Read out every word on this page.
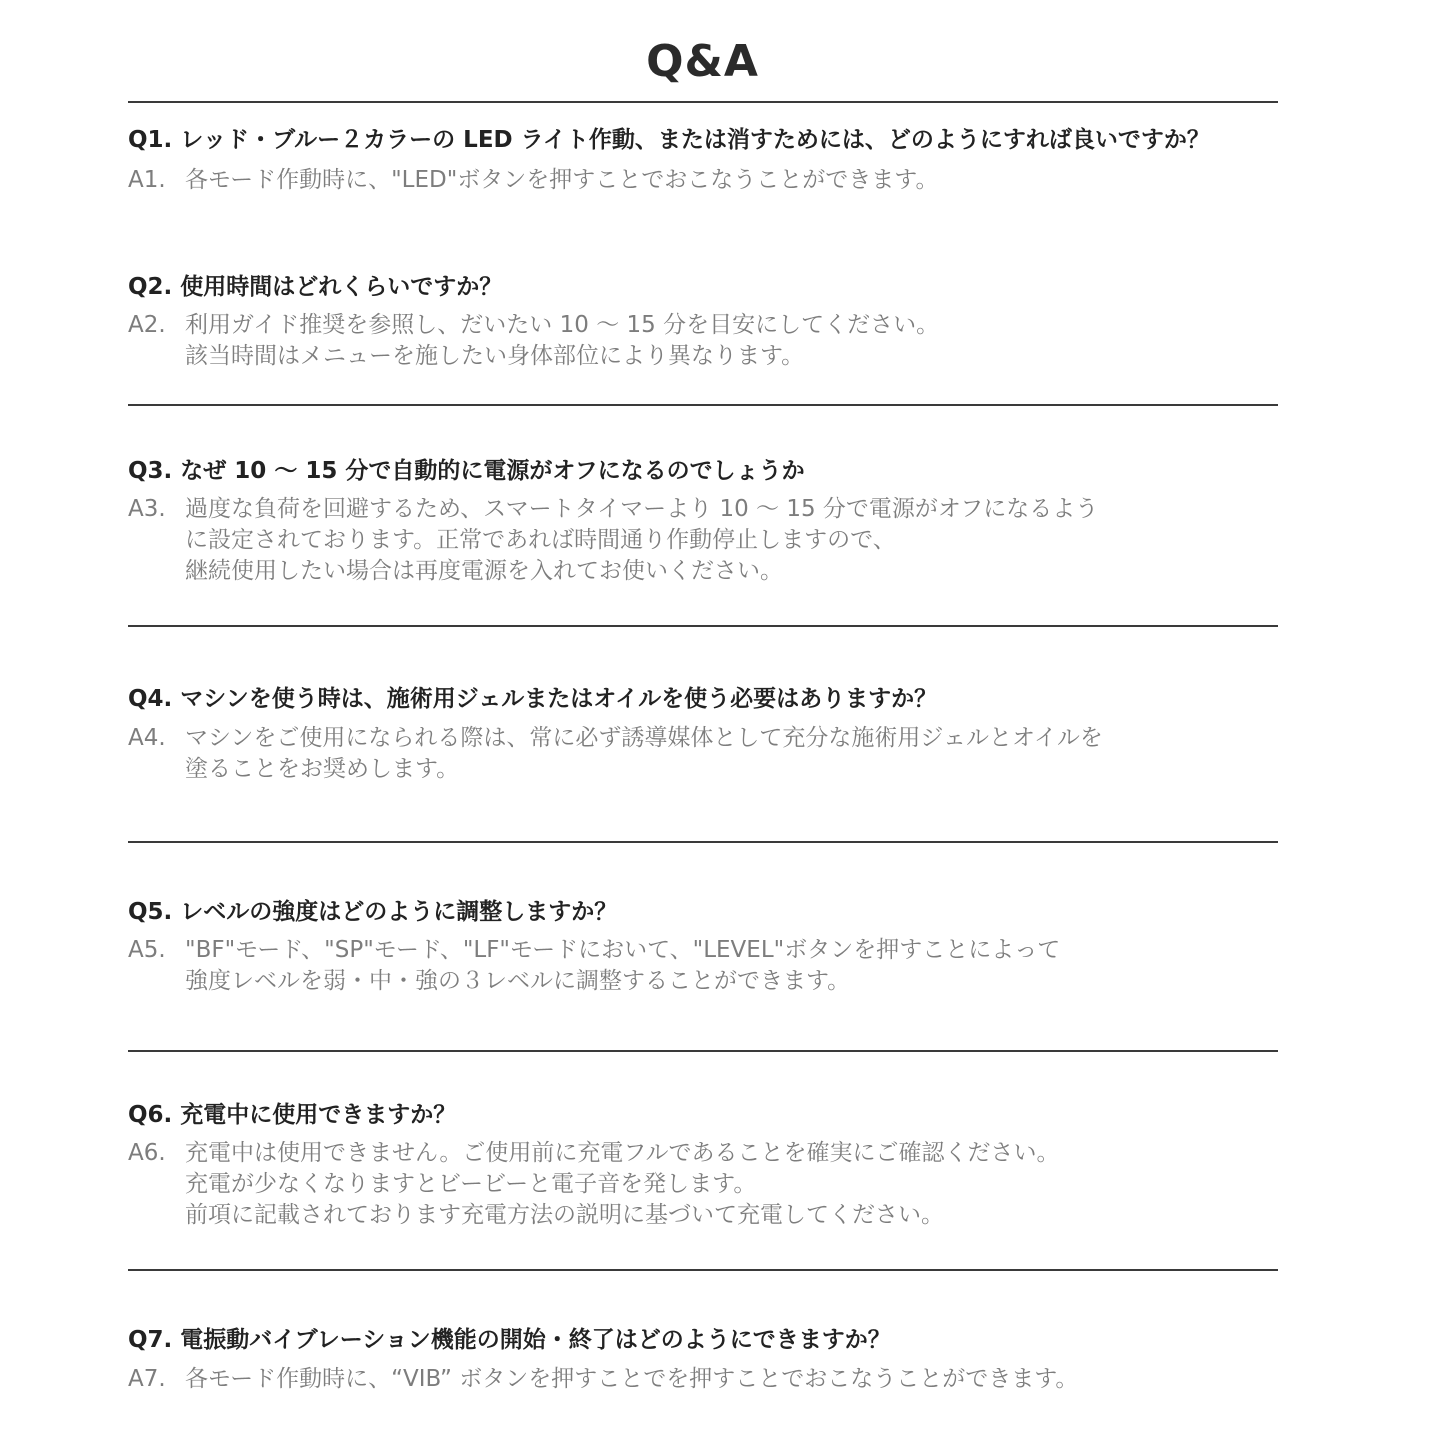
Q&A
Q1. レッド・ブルー２カラーの LED ライト作動、または消すためには、どのようにすれば良いですか？
A1. 各モード作動時に、"LED"ボタンを押すことでおこなうことができます。
Q2. 使用時間はどれくらいですか？
A2. 利用ガイド推奨を参照し、だいたい 10 ～ 15 分を目安にしてください。
該当時間はメニューを施したい身体部位により異なります。
Q3. なぜ 10 ～ 15 分で自動的に電源がオフになるのでしょうか
A3. 過度な負荷を回避するため、スマートタイマーより 10 ～ 15 分で電源がオフになるよう
に設定されております。正常であれば時間通り作動停止しますので、
継続使用したい場合は再度電源を入れてお使いください。
Q4. マシンを使う時は、施術用ジェルまたはオイルを使う必要はありますか？
A4. マシンをご使用になられる際は、常に必ず誘導媒体として充分な施術用ジェルとオイルを
塗ることをお奨めします。
Q5. レベルの強度はどのように調整しますか？
A5. "BF"モード、"SP"モード、"LF"モードにおいて、"LEVEL"ボタンを押すことによって
強度レベルを弱・中・強の３レベルに調整することができます。
Q6. 充電中に使用できますか？
A6. 充電中は使用できません。ご使用前に充電フルであることを確実にご確認ください。
充電が少なくなりますとビービーと電子音を発します。
前項に記載されております充電方法の説明に基づいて充電してください。
Q7. 電振動バイブレーション機能の開始・終了はどのようにできますか？
A7. 各モード作動時に、“VIB” ボタンを押すことでを押すことでおこなうことができます。
